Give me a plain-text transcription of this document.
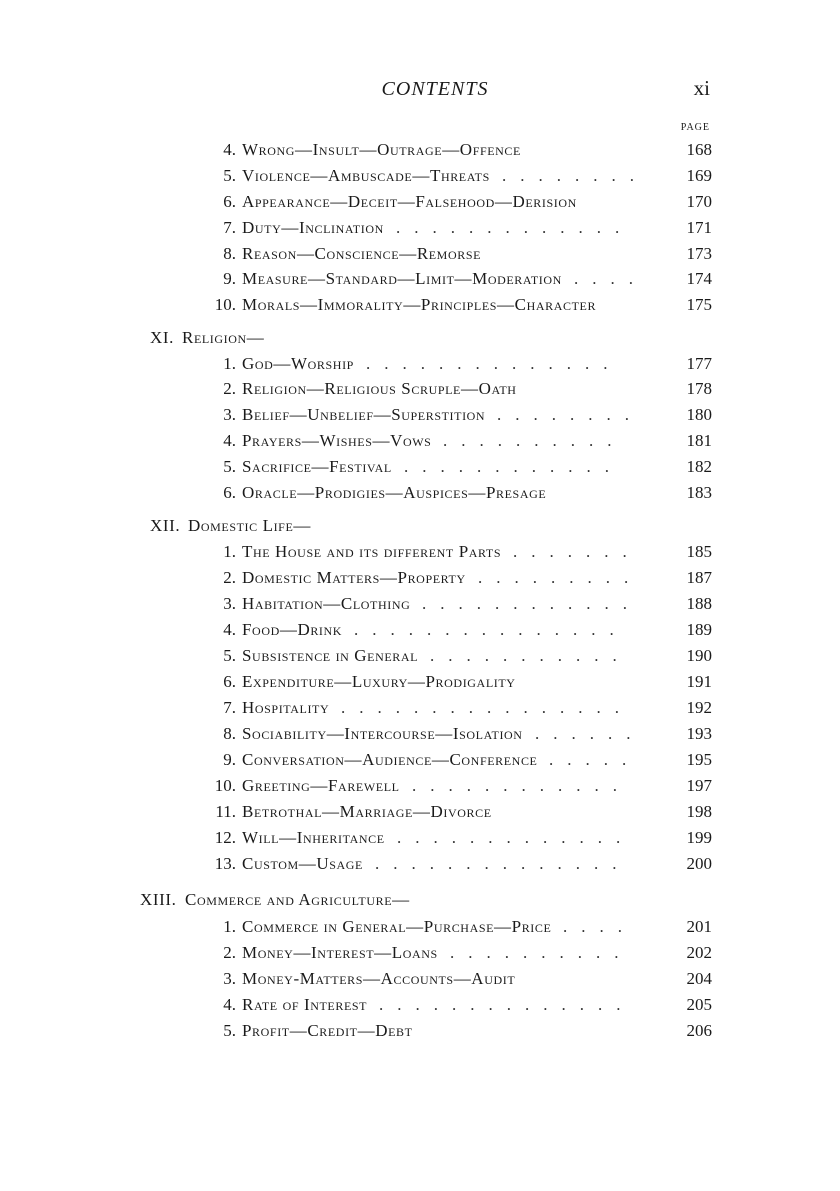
CONTENTS	xi
PAGE
4. Wrong—Insult—Outrage—Offence	168
5. Violence—Ambuscade—Threats	169
........
6. Appearance—Deceit—Falsehood—Derision	170
7. Duty—Inclination	171
.............
8. Reason—Conscience—Remorse	173
9. Measure—Standard—Limit—Moderation	174
....
10. Morals—Immorality—Principles—Character	175
XI. Religion—
1. God—Worship	177
..............
2. Religion—Religious Scruple—Oath	178
3. Belief—Unbelief—Superstition	180
........
4. Prayers—Wishes—Vows	181
..........
5. Sacrifice—Festival	182
............
6. Oracle—Prodigies—Auspices—Presage	183
XII. Domestic Life—
1. The House and its different Parts	185
.......
2. Domestic Matters—Property	187
.........
3. Habitation—Clothing	188
............
4. Food—Drink	189
...............
5. Subsistence in General	190
...........
6. Expenditure—Luxury—Prodigality	191
7. Hospitality	192
................
8. Sociability—Intercourse—Isolation	193
......
9. Conversation—Audience—Conference	195
.....
10. Greeting—Farewell	197
............
11. Betrothal—Marriage—Divorce	198
12. Will—Inheritance	199
.............
13. Custom—Usage	200
..............
XIII. Commerce and Agriculture—
1. Commerce in General—Purchase—Price	201
....
2. Money—Interest—Loans	202
..........
3. Money-Matters—Accounts—Audit	204
4. Rate of Interest	205
..............
5. Profit—Credit—Debt	206
